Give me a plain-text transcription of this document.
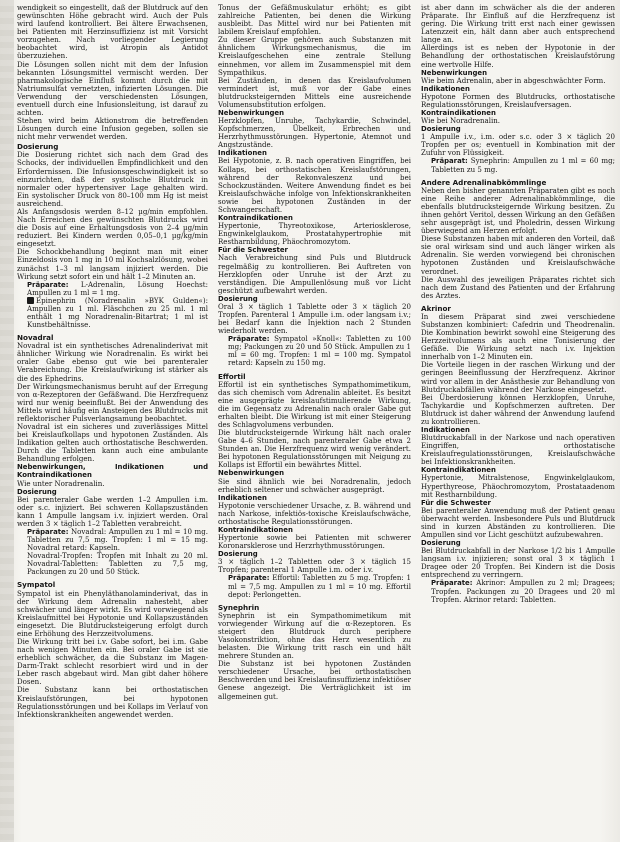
wendigkeit so eingestellt, daß der Blutdruck auf den gewünschten Höhe gebracht wird. Auch der Puls wird laufend kontrolliert. Bei ältere Erwachsenen, bei Patienten mit Herzinsuffizienz ist mit Vorsicht vorzugehen. Nach vorliegender Legierung beobachtet wird, ist Atropin als Antidot überzuziehen.

Die Lösungen sollen nicht mit dem der Infusion bekannten Lösungsmittel vermischt werden. Der pharmakologische Einfluß kommt durch die mit Natriumsulfat vernetzten, infizierten Lösungen. Die Verwendung der verschiedensten Lösungen, eventuell durch eine Infusionsleitung, ist darauf zu achten.

Stehen wird beim Aktionstrom die betreffenden Lösungen durch eine Infusion gegeben, sollen sie nicht mehr verwendet werden.

Dosierung

Die Dosierung richtet sich nach dem Grad des Schocks, der individuellen Empfindlichkeit und den Erfordernissen. Die Infusionsgeschwindigkeit ist so einzurichten, daß der systolische Blutdruck in normaler oder hypertensiver Lage gehalten wird. Ein systolischer Druck von 80–100 mm Hg ist meist ausreichend.

Als Anfangsdosis werden 8–12 µg/min empfohlen. Nach Erreichen des gewünschten Blutdrucks wird die Dosis auf eine Erhaltungsdosis von 2–4 µg/min reduziert. Bei Kindern werden 0,05–0,1 µg/kg/min eingesetzt.

Die Schockbehandlung beginnt man mit einer Einzeldosis von 1 mg in 10 ml Kochsalzlösung, wobei zunächst 1–3 ml langsam injiziert werden. Die Wirkung setzt sofort ein und hält 1–2 Minuten an.

Präparate: L-Adrenalin, Lösung Hoechst: Ampullen zu 1 ml = 1 mg.

Epinephrin (Noradrenalin »BYK Gulden«): Ampullen zu 1 ml. Fläschchen zu 25 ml. 1 ml enthält 1 mg Noradrenalin-Bitartrat; 1 ml ist Kunstbehältnisse.

Novadral

Novadral ist ein synthetisches Adrenalinderivat mit ähnlicher Wirkung wie Noradrenalin. Es wirkt bei oraler Gabe ebenso gut wie bei parenteraler Verabreichung. Die Kreislaufwirkung ist stärker als die des Ephedrins.

Der Wirkungsmechanismus beruht auf der Erregung von α-Rezeptoren der Gefäßwand. Die Herzfrequenz wird nur wenig beeinflußt. Bei der Anwendung des Mittels wird häufig ein Ansteigen des Blutdrucks mit reflektorischer Pulsverlangsamung beobachtet.

Novadral ist ein sicheres und zuverlässiges Mittel bei Kreislaufkollaps und hypotonen Zuständen. Als Indikation gelten auch orthostatische Beschwerden. Durch die Tabletten kann auch eine ambulante Behandlung erfolgen.

Nebenwirkungen, Indikationen und Kontraindikationen

Wie unter Noradrenalin.

Dosierung

Bei parenteraler Gabe werden 1–2 Ampullen i.m. oder s.c. injiziert. Bei schweren Kollapszuständen kann 1 Ampulle langsam i.v. injiziert werden. Oral werden 3 × täglich 1–2 Tabletten verabreicht.

Präparate: Novadral: Ampullen zu 1 ml = 10 mg. Tabletten zu 7,5 mg. Tropfen: 1 ml = 15 mg. Novadral retard: Kapseln.

Novadral-Tropfen: Tropfen mit Inhalt zu 20 ml. Novadral-Tabletten: Tabletten zu 7,5 mg, Packungen zu 20 und 50 Stück.

Sympatol

Sympatol ist ein Phenyläthanolaminderivat, das in der Wirkung dem Adrenalin nahesteht, aber schwächer und länger wirkt. Es wird vorwiegend als Kreislaufmittel bei Hypotonie und Kollapszuständen eingesetzt. Die Blutdrucksteigerung erfolgt durch eine Erhöhung des Herzzeitvolumens.

Die Wirkung tritt bei i.v. Gabe sofort, bei i.m. Gabe nach wenigen Minuten ein. Bei oraler Gabe ist sie erheblich schwächer, da die Substanz im Magen-Darm-Trakt schlecht resorbiert wird und in der Leber rasch abgebaut wird. Man gibt daher höhere Dosen.

Die Substanz kann bei orthostatischen Kreislaufstörungen, bei hypotonen Regulationsstörungen und bei Kollaps im Verlauf von Infektionskrankheiten angewendet werden.

Tonus der Gefäßmuskulatur erhöht; es gibt zahlreiche Patienten, bei denen die Wirkung ausbleibt. Das Mittel wird nur bei Patienten mit labilem Kreislauf empfohlen.

Zu dieser Gruppe gehören auch Substanzen mit ähnlichem Wirkungsmechanismus, die im Kreislaufgeschehen eine zentrale Stellung einnehmen, vor allem im Zusammenspiel mit dem Sympathikus.

Bei Zuständen, in denen das Kreislaufvolumen vermindert ist, muß vor der Gabe eines blutdrucksteigernden Mittels eine ausreichende Volumensubstitution erfolgen.

Nebenwirkungen

Herzklopfen, Unruhe, Tachykardie, Schwindel, Kopfschmerzen, Übelkeit, Erbrechen und Herzrhythmusstörungen. Hypertonie, Atemnot und Angstzustände.

Indikationen

Bei Hypotonie, z. B. nach operativen Eingriffen, bei Kollaps, bei orthostatischen Kreislaufstörungen, während der Rekonvaleszenz und bei Schockzuständen. Weitere Anwendung findet es bei Kreislaufschwäche infolge von Infektionskrankheiten sowie bei hypotonen Zuständen in der Schwangerschaft.

Kontraindikationen

Hypertonie, Thyreotoxikose, Arteriosklerose, Engwinkelglaukom, Prostatahypertrophie mit Restharnbildung, Phäochromozytom.

Für die Schwester

Nach Verabreichung sind Puls und Blutdruck regelmäßig zu kontrollieren. Bei Auftreten von Herzklopfen oder Unruhe ist der Arzt zu verständigen. Die Ampullenlösung muß vor Licht geschützt aufbewahrt werden.

Dosierung

Oral 3 × täglich 1 Tablette oder 3 × täglich 20 Tropfen. Parenteral 1 Ampulle i.m. oder langsam i.v.; bei Bedarf kann die Injektion nach 2 Stunden wiederholt werden.

Präparate: Sympatol »Knoll«: Tabletten zu 100 mg; Packungen zu 20 und 50 Stück. Ampullen zu 1 ml = 60 mg. Tropfen: 1 ml = 100 mg. Sympatol retard: Kapseln zu 150 mg.

Effortil

Effortil ist ein synthetisches Sympathomimetikum, das sich chemisch vom Adrenalin ableitet. Es besitzt eine ausgeprägte kreislaufstimulierende Wirkung, die im Gegensatz zu Adrenalin nach oraler Gabe gut erhalten bleibt. Die Wirkung ist mit einer Steigerung des Schlagvolumens verbunden.

Die blutdrucksteigernde Wirkung hält nach oraler Gabe 4–6 Stunden, nach parenteraler Gabe etwa 2 Stunden an. Die Herzfrequenz wird wenig verändert. Bei hypotonen Regulationsstörungen mit Neigung zu Kollaps ist Effortil ein bewährtes Mittel.

Nebenwirkungen

Sie sind ähnlich wie bei Noradrenalin, jedoch erheblich seltener und schwächer ausgeprägt.

Indikationen

Hypotonie verschiedener Ursache, z. B. während und nach Narkose, infektiös-toxische Kreislaufschwäche, orthostatische Regulationsstörungen.

Kontraindikationen

Hypertonie sowie bei Patienten mit schwerer Koronarsklerose und Herzrhythmusstörungen.

Dosierung

3 × täglich 1–2 Tabletten oder 3 × täglich 15 Tropfen; parenteral 1 Ampulle i.m. oder i.v.

Präparate: Effortil: Tabletten zu 5 mg. Tropfen: 1 ml = 7,5 mg. Ampullen zu 1 ml = 10 mg. Effortil depot: Perlongetten.

Synephrin

Synephrin ist ein Sympathomimetikum mit vorwiegender Wirkung auf die α-Rezeptoren. Es steigert den Blutdruck durch periphere Vasokonstriktion, ohne das Herz wesentlich zu belasten. Die Wirkung tritt rasch ein und hält mehrere Stunden an.

Die Substanz ist bei hypotonen Zuständen verschiedener Ursache, bei orthostatischen Beschwerden und bei Kreislaufinsuffizienz infektiöser Genese angezeigt. Die Verträglichkeit ist im allgemeinen gut.

ist aber dann im schwächer als die der anderen Präparate. Ihr Einfluß auf die Herzfrequenz ist gering. Die Wirkung tritt erst nach einer gewissen Latenzzeit ein, hält dann aber auch entsprechend lange an.

Allerdings ist es neben der Hypotonie in der Behandlung der orthostatischen Kreislaufstörung eine wertvolle Hilfe.

Nebenwirkungen

Wie beim Adrenalin, aber in abgeschwächter Form.

Indikationen

Hypotone Formen des Blutdrucks, orthostatische Regulationsstörungen, Kreislaufversagen.

Kontraindikationen

Wie bei Noradrenalin.

Dosierung

1 Ampulle i.v., i.m. oder s.c. oder 3 × täglich 20 Tropfen per os; eventuell in Kombination mit der Zufuhr von Flüssigkeit.

Präparat: Synephrin: Ampullen zu 1 ml = 60 mg; Tabletten zu 5 mg.

Andere Adrenalinabkömmlinge

Neben den bisher genannten Präparaten gibt es noch eine Reihe anderer Adrenalinabkömmlinge, die ebenfalls blutdrucksteigernde Wirkung besitzen. Zu ihnen gehört Veritol, dessen Wirkung an den Gefäßen sehr ausgeprägt ist, und Pholedrin, dessen Wirkung überwiegend am Herzen erfolgt.

Diese Substanzen haben mit anderen den Vorteil, daß sie oral wirksam sind und auch länger wirken als Adrenalin. Sie werden vorwiegend bei chronischen hypotonen Zuständen und Kreislaufschwäche verordnet.

Die Auswahl des jeweiligen Präparates richtet sich nach dem Zustand des Patienten und der Erfahrung des Arztes.

Akrinor

In diesem Präparat sind zwei verschiedene Substanzen kombiniert: Cafedrin und Theodrenalin. Die Kombination bewirkt sowohl eine Steigerung des Herzzeitvolumens als auch eine Tonisierung der Gefäße. Die Wirkung setzt nach i.v. Injektion innerhalb von 1–2 Minuten ein.

Die Vorteile liegen in der raschen Wirkung und der geringen Beeinflussung der Herzfrequenz. Akrinor wird vor allem in der Anästhesie zur Behandlung von Blutdruckabfällen während der Narkose eingesetzt.

Bei Überdosierung können Herzklopfen, Unruhe, Tachykardie und Kopfschmerzen auftreten. Der Blutdruck ist daher während der Anwendung laufend zu kontrollieren.

Indikationen

Blutdruckabfall in der Narkose und nach operativen Eingriffen, orthostatische Kreislaufregulationsstörungen, Kreislaufschwäche bei Infektionskrankheiten.

Kontraindikationen

Hypertonie, Mitralstenose, Engwinkelglaukom, Hyperthyreose, Phäochromozytom, Prostataadenom mit Restharnbildung.

Für die Schwester

Bei parenteraler Anwendung muß der Patient genau überwacht werden. Insbesondere Puls und Blutdruck sind in kurzen Abständen zu kontrollieren. Die Ampullen sind vor Licht geschützt aufzubewahren.

Dosierung

Bei Blutdruckabfall in der Narkose 1/2 bis 1 Ampulle langsam i.v. injizieren; sonst oral 3 × täglich 1 Dragee oder 20 Tropfen. Bei Kindern ist die Dosis entsprechend zu verringern.

Präparate: Akrinor: Ampullen zu 2 ml; Dragees; Tropfen. Packungen zu 20 Dragees und 20 ml Tropfen. Akrinor retard: Tabletten.
